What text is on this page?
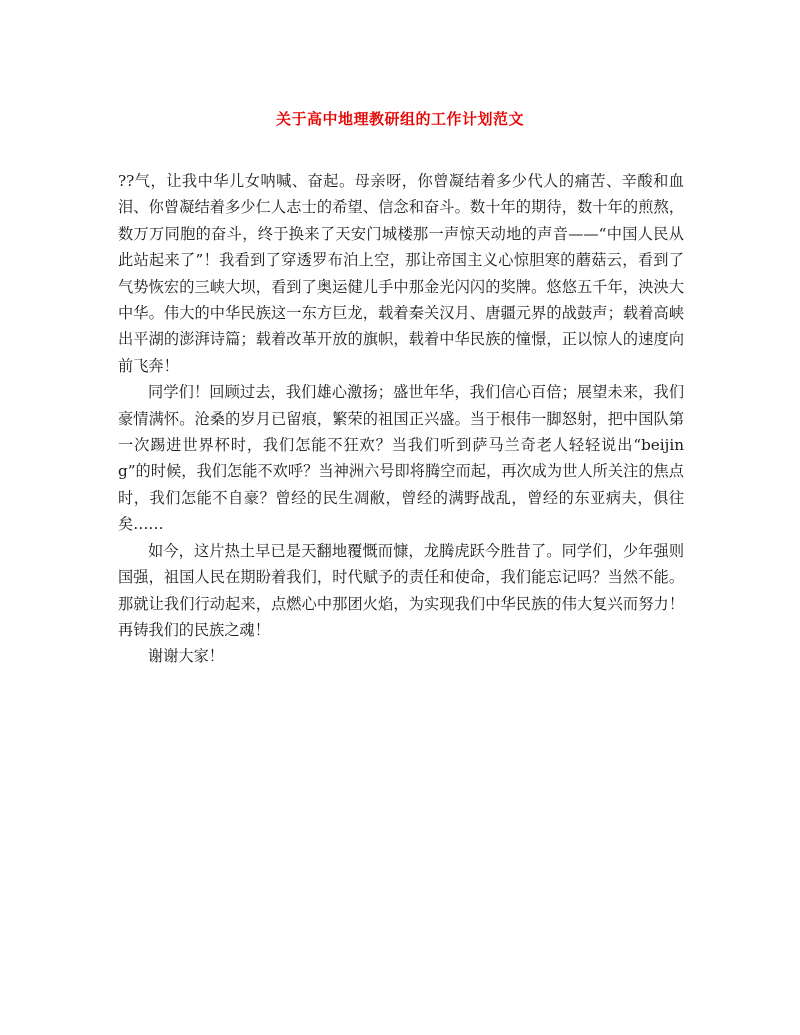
关于高中地理教研组的工作计划范文

??气，让我中华儿女呐喊、奋起。母亲呀，你曾凝结着多少代人的痛苦、辛酸和血泪、你曾凝结着多少仁人志士的希望、信念和奋斗。数十年的期待，数十年的煎熬，数万万同胞的奋斗，终于换来了天安门城楼那一声惊天动地的声音——“中国人民从此站起来了”！我看到了穿透罗布泊上空，那让帝国主义心惊胆寒的蘑菇云，看到了气势恢宏的三峡大坝，看到了奥运健儿手中那金光闪闪的奖牌。悠悠五千年，泱泱大中华。伟大的中华民族这一东方巨龙，载着秦关汉月、唐疆元界的战鼓声；载着高峡出平湖的澎湃诗篇；载着改革开放的旗帜，载着中华民族的憧憬，正以惊人的速度向前飞奔！

同学们！回顾过去，我们雄心激扬；盛世年华，我们信心百倍；展望未来，我们豪情满怀。沧桑的岁月已留痕，繁荣的祖国正兴盛。当于根伟一脚怒射，把中国队第一次踢进世界杯时，我们怎能不狂欢？当我们听到萨马兰奇老人轻轻说出“beijing”的时候，我们怎能不欢呼？当神洲六号即将腾空而起，再次成为世人所关注的焦点时，我们怎能不自豪？曾经的民生凋敝，曾经的满野战乱，曾经的东亚病夫，俱往矣……

如今，这片热土早已是天翻地覆慨而慷，龙腾虎跃今胜昔了。同学们，少年强则国强，祖国人民在期盼着我们，时代赋予的责任和使命，我们能忘记吗？当然不能。那就让我们行动起来，点燃心中那团火焰，为实现我们中华民族的伟大复兴而努力！再铸我们的民族之魂！

谢谢大家！
